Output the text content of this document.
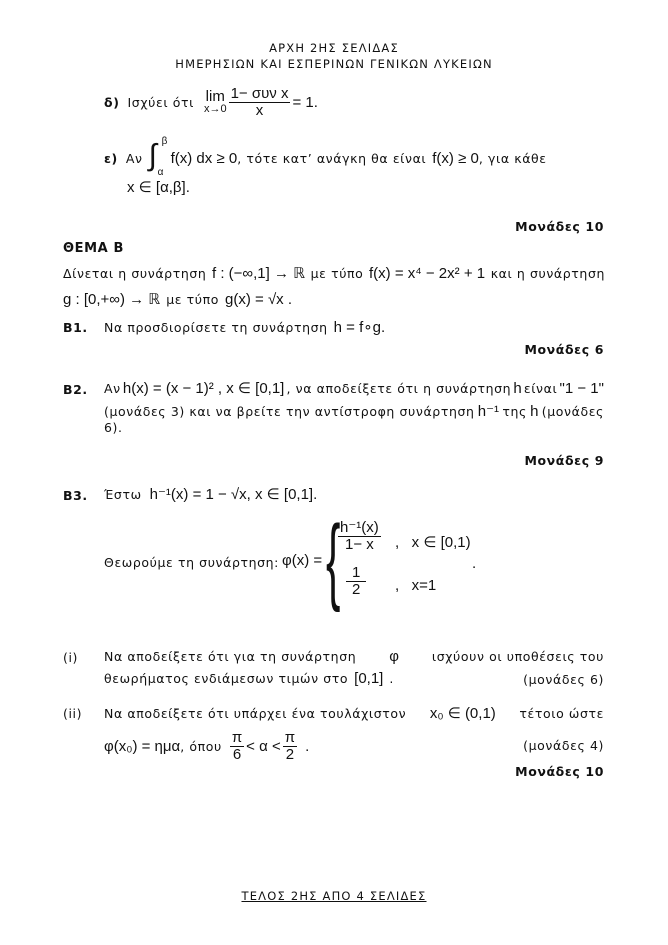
ΑΡΧΗ 2ΗΣ ΣΕΛΙΔΑΣ
ΗΜΕΡΗΣΙΩΝ ΚΑΙ ΕΣΠΕΡΙΝΩΝ ΓΕΝΙΚΩΝ ΛΥΚΕΙΩΝ
δ) Ισχύει ότι lim
$x\to 0 \frac{\text{1− συν x}}{x} = 1$.
ε) Αν ∫ β
α
f(x) dx ≥ 0 , τότε κατ’ ανάγκη θα είναι f(x) ≥ 0 , για κάθε
x ∈ [α,β].
Μονάδες 10
ΘΕΜΑ Β
Δίνεται η συνάρτηση f : (−∞,1] → ℝ με τύπο f(x) = x⁴ − 2x² + 1 και η συνάρτηση
g : [0,+∞) → ℝ με τύπο g(x) = √x .
Β1. Να προσδιορίσετε τη συνάρτηση h = f∘g.
Μονάδες 6
Β2. Αν h(x) = (x − 1)² , x ∈ [0,1] , να αποδείξετε ότι η συνάρτηση h είναι "1 − 1"
(μονάδες 3) και να βρείτε την αντίστροφη συνάρτηση h⁻¹ της h (μονάδες
6).
Μονάδες 9
Β3. Έστω h⁻¹(x) = 1 − √x, x ∈ [0,1].
Θεωρούμε τη συνάρτηση: φ(x) = {
$\frac{\text{h⁻¹(x)}}{1- x}$ ,   x ∈ [0,1)
$\frac{1}{2}$ ,   x=1
.
(i) Να αποδείξετε ότι για τη συνάρτηση φ	ισχύουν οι υποθέσεις του
θεωρήματος ενδιάμεσων τιμών στο [0,1] .	(μονάδες 6)
(ii) Να αποδείξετε ότι υπάρχει ένα τουλάχιστον x₀ ∈ (0,1) τέτοιο ώστε
φ(x₀) = ημα , όπου $\frac{\pi}{6} < \alpha < \frac{\pi}{2}$ .	(μονάδες 4)
Μονάδες 10
ΤΕΛΟΣ 2ΗΣ ΑΠΟ 4 ΣΕΛΙΔΕΣ
